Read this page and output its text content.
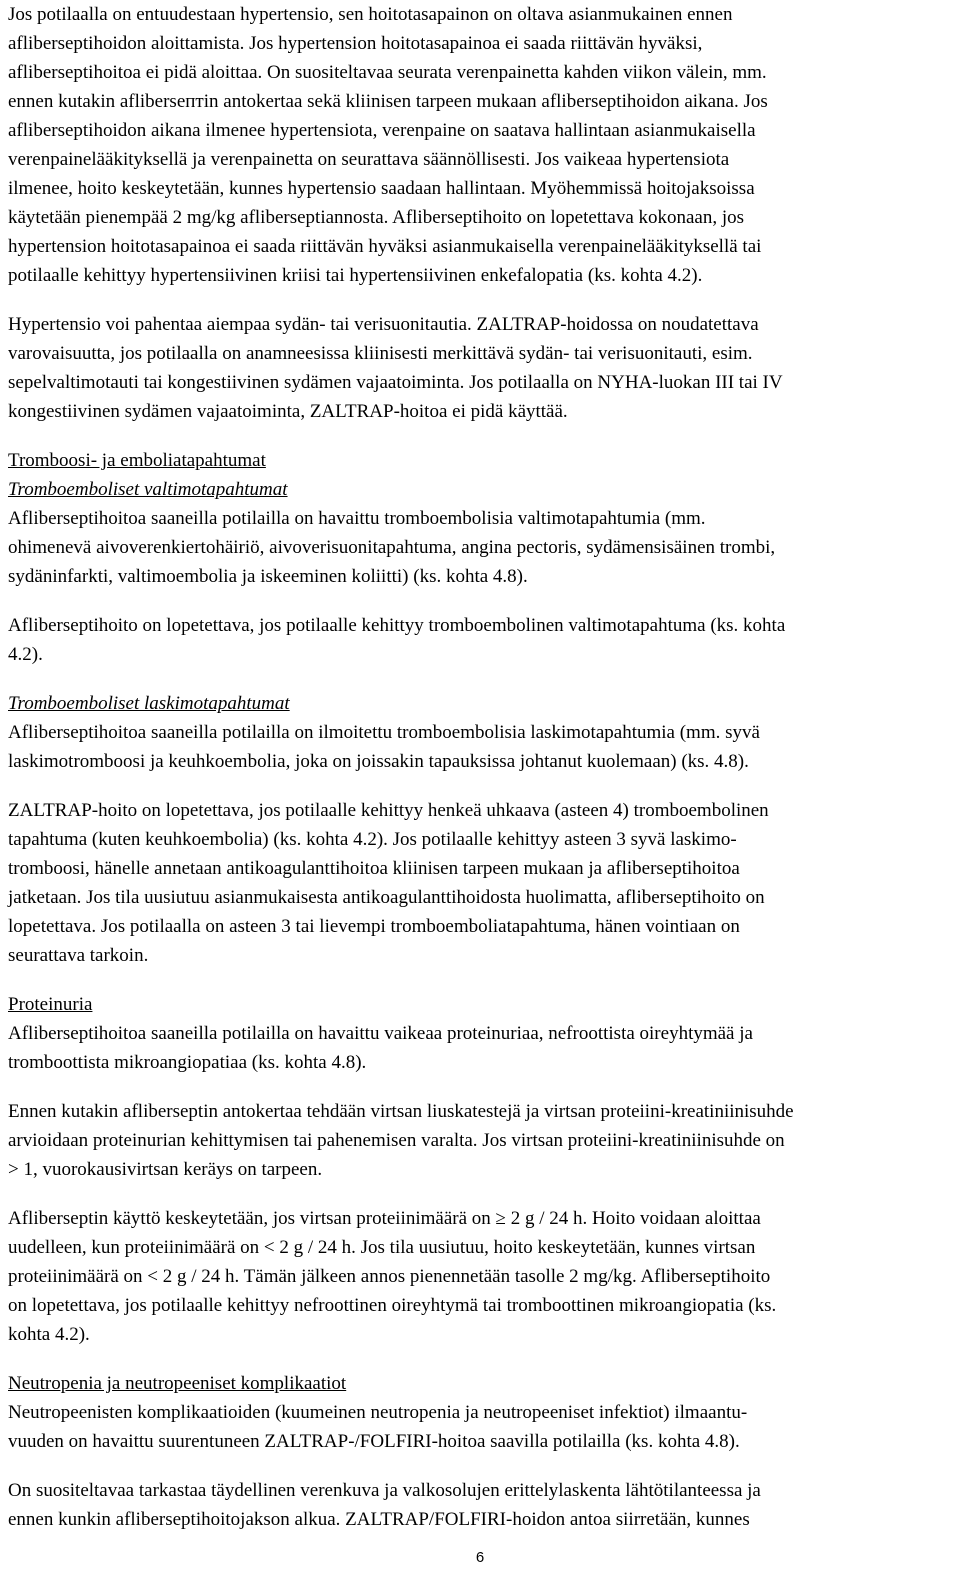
Jos potilaalla on entuudestaan hypertensio, sen hoitotasapainon on oltava asianmukainen ennen
afliberseptihoidon aloittamista. Jos hypertension hoitotasapainoa ei saada riittävän hyväksi,
afliberseptihoitoa ei pidä aloittaa. On suositeltavaa seurata verenpainetta kahden viikon välein, mm.
ennen kutakin aflibersептin antokertaa sekä kliinisen tarpeen mukaan afliberseptihoidon aikana. Jos
afliberseptihoidon aikana ilmenee hypertensiota, verenpaine on saatava hallintaan asianmukaisella
verenpainelääkityksellä ja verenpainetta on seurattava säännöllisesti. Jos vaikeaa hypertensiota
ilmenee, hoito keskeytetään, kunnes hypertensio saadaan hallintaan. Myöhemmissä hoitojaksoissa
käytetään pienempää 2 mg/kg afliberseptiannosta. Afliberseptihoito on lopetettava kokonaan, jos
hypertension hoitotasapainoa ei saada riittävän hyväksi asianmukaisella verenpainelääkityksellä tai
potilaalle kehittyy hypertensiivinen kriisi tai hypertensiivinen enkefalopatia (ks. kohta 4.2).
Hypertensio voi pahentaa aiempaa sydän- tai verisuonitautia. ZALTRAP-hoidossa on noudatettava
varovaisuutta, jos potilaalla on anamneesissa kliinisesti merkittävä sydän- tai verisuonitauti, esim.
sepelvaltimotauti tai kongestiivinen sydämen vajaatoiminta. Jos potilaalla on NYHA-luokan III tai IV
kongestiivinen sydämen vajaatoiminta, ZALTRAP-hoitoa ei pidä käyttää.
Tromboosi- ja emboliatapahtumat
Tromboemboliset valtimotapahtumat
Afliberseptihoitoa saaneilla potilailla on havaittu tromboembolisia valtimotapahtumia (mm.
ohimenevä aivoverenkiertohäiriö, aivoverisuonitapahtuma, angina pectoris, sydämensisäinen trombi,
sydäninfarkti, valtimoembolia ja iskeeminen koliitti) (ks. kohta 4.8).
Afliberseptihoito on lopetettava, jos potilaalle kehittyy tromboembolinen valtimotapahtuma (ks. kohta
4.2).
Tromboemboliset laskimotapahtumat
Afliberseptihoitoa saaneilla potilailla on ilmoitettu tromboembolisia laskimotapahtumia (mm. syvä
laskimotromboosi ja keuhkoembolia, joka on joissakin tapauksissa johtanut kuolemaan) (ks. 4.8).
ZALTRAP-hoito on lopetettava, jos potilaalle kehittyy henkeä uhkaava (asteen 4) tromboembolinen
tapahtuma (kuten keuhkoembolia) (ks. kohta 4.2). Jos potilaalle kehittyy asteen 3 syvä laskimo-
tromboosi, hänelle annetaan antikoagulanttihoitoa kliinisen tarpeen mukaan ja afliberseptihoitoa
jatketaan. Jos tila uusiutuu asianmukaisesta antikoagulanttihoidosta huolimatta, afliberseptihoito on
lopetettava. Jos potilaalla on asteen 3 tai lievempi tromboemboliatapahtuma, hänen vointiaan on
seurattava tarkoin.
Proteinuria
Afliberseptihoitoa saaneilla potilailla on havaittu vaikeaa proteinuriaa, nefroottista oireyhtymää ja
tromboottista mikroangiopatiaa (ks. kohta 4.8).
Ennen kutakin afliberseptin antokertaa tehdään virtsan liuskatestejä ja virtsan proteiini-kreatiniinisuhde
arvioidaan proteinurian kehittymisen tai pahenemisen varalta. Jos virtsan proteiini-kreatiniinisuhde on
> 1, vuorokausivirtsan keräys on tarpeen.
Afliberseptin käyttö keskeytetään, jos virtsan proteiinimäärä on ≥ 2 g / 24 h. Hoito voidaan aloittaa
uudelleen, kun proteiinimäärä on < 2 g / 24 h. Jos tila uusiutuu, hoito keskeytetään, kunnes virtsan
proteiinimäärä on < 2 g / 24 h. Tämän jälkeen annos pienennetään tasolle 2 mg/kg. Afliberseptihoito
on lopetettava, jos potilaalle kehittyy nefroottinen oireyhtymä tai tromboottinen mikroangiopatia (ks.
kohta 4.2).
Neutropenia ja neutropeeniset komplikaatiot
Neutropeenisten komplikaatioiden (kuumeinen neutropenia ja neutropeeniset infektiot) ilmaantu-
vuuden on havaittu suurentuneen ZALTRAP-/FOLFIRI-hoitoa saavilla potilailla (ks. kohta 4.8).
On suositeltavaa tarkastaa täydellinen verenkuva ja valkosolujen erittelylaskenta lähtötilanteessa ja
ennen kunkin afliberseptihoitojakson alkua. ZALTRAP/FOLFIRI-hoidon antoa siirretään, kunnes
6
